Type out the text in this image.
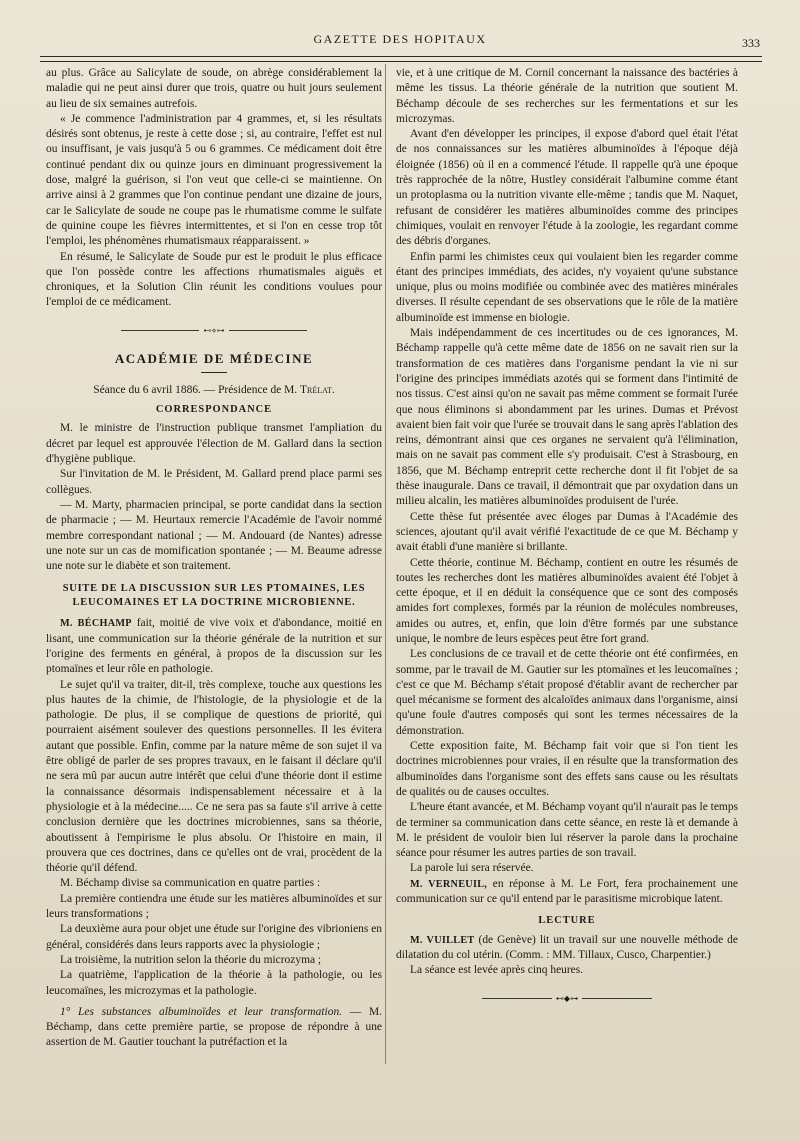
GAZETTE DES HOPITAUX	333

au plus. Grâce au Salicylate de soude, on abrège considérablement la maladie qui ne peut ainsi durer que trois, quatre ou huit jours seulement au lieu de six semaines autrefois.

« Je commence l'administration par 4 grammes, et, si les résultats désirés sont obtenus, je reste à cette dose ; si, au contraire, l'effet est nul ou insuffisant, je vais jusqu'à 5 ou 6 grammes. Ce médicament doit être continué pendant dix ou quinze jours en diminuant progressivement la dose, malgré la guérison, si l'on veut que celle-ci se maintienne. On arrive ainsi à 2 grammes que l'on continue pendant une dizaine de jours, car le Salicylate de soude ne coupe pas le rhumatisme comme le sulfate de quinine coupe les fièvres intermittentes, et si l'on en cesse trop tôt l'emploi, les phénomènes rhumatismaux réapparaissent. »

En résumé, le Salicylate de Soude pur est le produit le plus efficace que l'on possède contre les affections rhumatismales aiguës et chroniques, et la Solution Clin réunit les conditions voulues pour l'emploi de ce médicament.

⊷⋄⊶
ACADÉMIE DE MÉDECINE

Séance du 6 avril 1886. — Présidence de M. Trélat.

CORRESPONDANCE

M. le ministre de l'instruction publique transmet l'ampliation du décret par lequel est approuvée l'élection de M. Gallard dans la section d'hygiène publique.

Sur l'invitation de M. le Président, M. Gallard prend place parmi ses collègues.

— M. Marty, pharmacien principal, se porte candidat dans la section de pharmacie ; — M. Heurtaux remercie l'Académie de l'avoir nommé membre correspondant national ; — M. Andouard (de Nantes) adresse une note sur un cas de momification spontanée ; — M. Beaume adresse une note sur le diabète et son traitement.

SUITE DE LA DISCUSSION SUR LES PTOMAINES, LES LEUCOMAINES ET LA DOCTRINE MICROBIENNE.

M. BÉCHAMP fait, moitié de vive voix et d'abondance, moitié en lisant, une communication sur la théorie générale de la nutrition et sur l'origine des ferments en général, à propos de la discussion sur les ptomaïnes et leur rôle en pathologie.

Le sujet qu'il va traiter, dit-il, très complexe, touche aux questions les plus hautes de la chimie, de l'histologie, de la physiologie et de la pathologie. De plus, il se complique de questions de priorité, qui pourraient aisément soulever des questions personnelles. Il les évitera autant que possible. Enfin, comme par la nature même de son sujet il va être obligé de parler de ses propres travaux, en le faisant il déclare qu'il ne sera mû par aucun autre intérêt que celui d'une théorie dont il estime la connaissance désormais indispensablement nécessaire et à la physiologie et à la médecine..... Ce ne sera pas sa faute s'il arrive à cette conclusion dernière que les doctrines microbiennes, sans sa théorie, aboutissent à l'empirisme le plus absolu. Or l'histoire en main, il prouvera que ces doctrines, dans ce qu'elles ont de vrai, procèdent de la théorie qu'il défend.

M. Béchamp divise sa communication en quatre parties :

La première contiendra une étude sur les matières albuminoïdes et sur leurs transformations ;

La deuxième aura pour objet une étude sur l'origine des vibrioniens en général, considérés dans leurs rapports avec la physiologie ;

La troisième, la nutrition selon la théorie du microzyma ;

La quatrième, l'application de la théorie à la pathologie, ou les leucomaïnes, les microzymas et la pathologie.

1° Les substances albuminoïdes et leur transformation. — M. Béchamp, dans cette première partie, se propose de répondre à une assertion de M. Gautier touchant la putréfaction et la

vie, et à une critique de M. Cornil concernant la naissance des bactéries à même les tissus. La théorie générale de la nutrition que soutient M. Béchamp découle de ses recherches sur les fermentations et sur les microzymas.

Avant d'en développer les principes, il expose d'abord quel était l'état de nos connaissances sur les matières albuminoïdes à l'époque déjà éloignée (1856) où il en a commencé l'étude. Il rappelle qu'à une époque très rapprochée de la nôtre, Hustley considérait l'albumine comme étant un protoplasma ou la nutrition vivante elle-même ; tandis que M. Naquet, refusant de considérer les matières albuminoïdes comme des principes chimiques, voulait en renvoyer l'étude à la zoologie, les regardant comme des débris d'organes.

Enfin parmi les chimistes ceux qui voulaient bien les regarder comme étant des principes immédiats, des acides, n'y voyaient qu'une substance unique, plus ou moins modifiée ou combinée avec des matières minérales diverses. Il résulte cependant de ses observations que le rôle de la matière albuminoïde est immense en biologie.

Mais indépendamment de ces incertitudes ou de ces ignorances, M. Béchamp rappelle qu'à cette même date de 1856 on ne savait rien sur la transformation de ces matières dans l'organisme pendant la vie ni sur l'origine des principes immédiats azotés qui se forment dans l'intimité de nos tissus. C'est ainsi qu'on ne savait pas même comment se formait l'urée que nous éliminons si abondamment par les urines. Dumas et Prévost avaient bien fait voir que l'urée se trouvait dans le sang après l'ablation des reins, démontrant ainsi que ces organes ne servaient qu'à l'élimination, mais on ne savait pas comment elle s'y produisait. C'est à Strasbourg, en 1856, que M. Béchamp entreprit cette recherche dont il fit l'objet de sa thèse inaugurale. Dans ce travail, il démontrait que par oxydation dans un milieu alcalin, les matières albuminoïdes produisent de l'urée.

Cette thèse fut présentée avec éloges par Dumas à l'Académie des sciences, ajoutant qu'il avait vérifié l'exactitude de ce que M. Béchamp y avait établi d'une manière si brillante.

Cette théorie, continue M. Béchamp, contient en outre les résumés de toutes les recherches dont les matières albuminoïdes avaient été l'objet à cette époque, et il en déduit la conséquence que ce sont des composés amides fort complexes, formés par la réunion de molécules nombreuses, amides ou autres, et, enfin, que loin d'être formés par une substance unique, le nombre de leurs espèces peut être fort grand.

Les conclusions de ce travail et de cette théorie ont été confirmées, en somme, par le travail de M. Gautier sur les ptomaïnes et les leucomaïnes ; c'est ce que M. Béchamp s'était proposé d'établir avant de rechercher par quel mécanisme se forment des alcaloïdes animaux dans l'organisme, ainsi qu'une foule d'autres composés qui sont les termes nécessaires de la démonstration.

Cette exposition faite, M. Béchamp fait voir que si l'on tient les doctrines microbiennes pour vraies, il en résulte que la transformation des albuminoïdes dans l'organisme sont des effets sans cause ou les résultats de qualités ou de causes occultes.

L'heure étant avancée, et M. Béchamp voyant qu'il n'aurait pas le temps de terminer sa communication dans cette séance, en reste là et demande à M. le président de vouloir bien lui réserver la parole dans la prochaine séance pour résumer les autres parties de son travail.

La parole lui sera réservée.

M. VERNEUIL, en réponse à M. Le Fort, fera prochainement une communication sur ce qu'il entend par le parasitisme microbique latent.

LECTURE

M. VUILLET (de Genève) lit un travail sur une nouvelle méthode de dilatation du col utérin. (Comm. : MM. Tillaux, Cusco, Charpentier.)

La séance est levée après cinq heures.

⊷◆⊶
